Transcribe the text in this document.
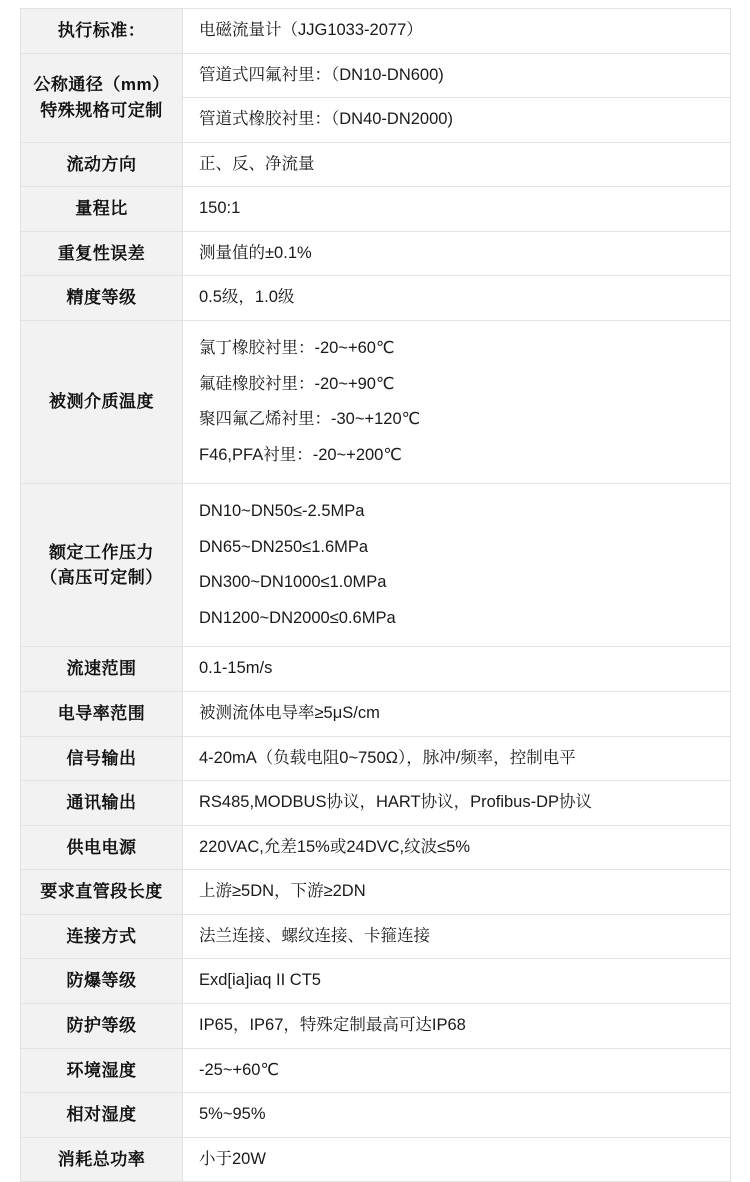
执行标准：	电磁流量计（JJG1033-2077）

公称通径（mm）
特殊规格可定制	管道式四氟衬里：（DN10-DN600)
	管道式橡胶衬里：（DN40-DN2000)

流动方向	正、反、净流量

量程比	150:1

重复性误差	测量值的±0.1%

精度等级	0.5级，1.0级

被测介质温度	氯丁橡胶衬里：-20~+60℃
氟硅橡胶衬里：-20~+90℃
聚四氟乙烯衬里：-30~+120℃
F46,PFA衬里：-20~+200℃

额定工作压力
（高压可定制）	DN10~DN50≤-2.5MPa
DN65~DN250≤1.6MPa
DN300~DN1000≤1.0MPa
DN1200~DN2000≤0.6MPa

流速范围	0.1-15m/s

电导率范围	被测流体电导率≥5μS/cm

信号输出	4-20mA（负载电阻0~750Ω），脉冲/频率，控制电平

通讯输出	RS485,MODBUS协议，HART协议，Profibus-DP协议

供电电源	220VAC,允差15%或24DVC,纹波≤5%

要求直管段长度	上游≥5DN，下游≥2DN

连接方式	法兰连接、螺纹连接、卡箍连接

防爆等级	Exd[ia]iaq II CT5

防护等级	IP65，IP67，特殊定制最高可达IP68

环境湿度	-25~+60℃

相对湿度	5%~95%

消耗总功率	小于20W
